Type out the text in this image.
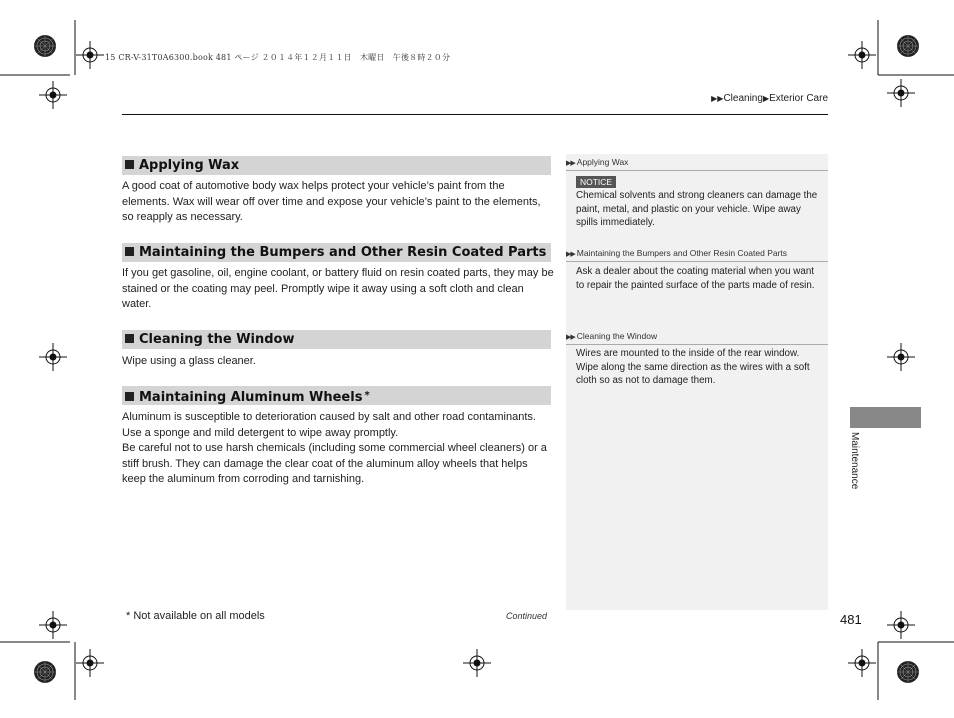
15 CR-V-31T0A6300.book 481 ページ ２０１４年１２月１１日　木曜日　午後８時２０分
▶▶Cleaning▶Exterior Care
Applying Wax
A good coat of automotive body wax helps protect your vehicle’s paint from the elements. Wax will wear off over time and expose your vehicle’s paint to the elements, so reapply as necessary.
Maintaining the Bumpers and Other Resin Coated Parts
If you get gasoline, oil, engine coolant, or battery fluid on resin coated parts, they may be stained or the coating may peel. Promptly wipe it away using a soft cloth and clean water.
Cleaning the Window
Wipe using a glass cleaner.
Maintaining Aluminum Wheels *
Aluminum is susceptible to deterioration caused by salt and other road contaminants. Use a sponge and mild detergent to wipe away promptly.
Be careful not to use harsh chemicals (including some commercial wheel cleaners) or a stiff brush. They can damage the clear coat of the aluminum alloy wheels that helps keep the aluminum from corroding and tarnishing.
▶▶ Applying Wax
NOTICE
Chemical solvents and strong cleaners can damage the paint, metal, and plastic on your vehicle. Wipe away spills immediately.
▶▶ Maintaining the Bumpers and Other Resin Coated Parts
Ask a dealer about the coating material when you want to repair the painted surface of the parts made of resin.
▶▶ Cleaning the Window
Wires are mounted to the inside of the rear window. Wipe along the same direction as the wires with a soft cloth so as not to damage them.
Maintenance
* Not available on all models	Continued	481
